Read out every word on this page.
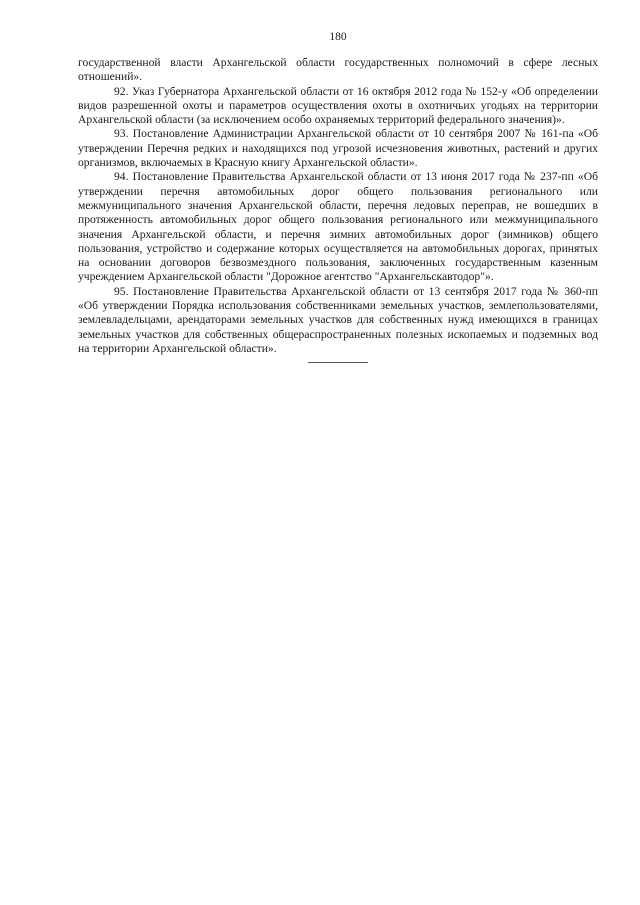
180

государственной власти Архангельской области государственных полномочий в сфере лесных отношений».

92. Указ Губернатора Архангельской области от 16 октября 2012 года № 152-у «Об определении видов разрешенной охоты и параметров осуществления охоты в охотничьих угодьях на территории Архангельской области (за исключением особо охраняемых территорий федерального значения)».

93. Постановление Администрации Архангельской области от 10 сентября 2007 № 161-па «Об утверждении Перечня редких и находящихся под угрозой исчезновения животных, растений и других организмов, включаемых в Красную книгу Архангельской области».

94. Постановление Правительства Архангельской области от 13 июня 2017 года № 237-пп «Об утверждении перечня автомобильных дорог общего пользования регионального или межмуниципального значения Архангельской области, перечня ледовых переправ, не вошедших в протяженность автомобильных дорог общего пользования регионального или межмуниципального значения Архангельской области, и перечня зимних автомобильных дорог (зимников) общего пользования, устройство и содержание которых осуществляется на автомобильных дорогах, принятых на основании договоров безвозмездного пользования, заключенных государственным казенным учреждением Архангельской области "Дорожное агентство "Архангельскавтодор"».

95. Постановление Правительства Архангельской области от 13 сентября 2017 года № 360-пп «Об утверждении Порядка использования собственниками земельных участков, землепользователями, землевладельцами, арендаторами земельных участков для собственных нужд имеющихся в границах земельных участков для собственных общераспространенных полезных ископаемых и подземных вод на территории Архангельской области».
